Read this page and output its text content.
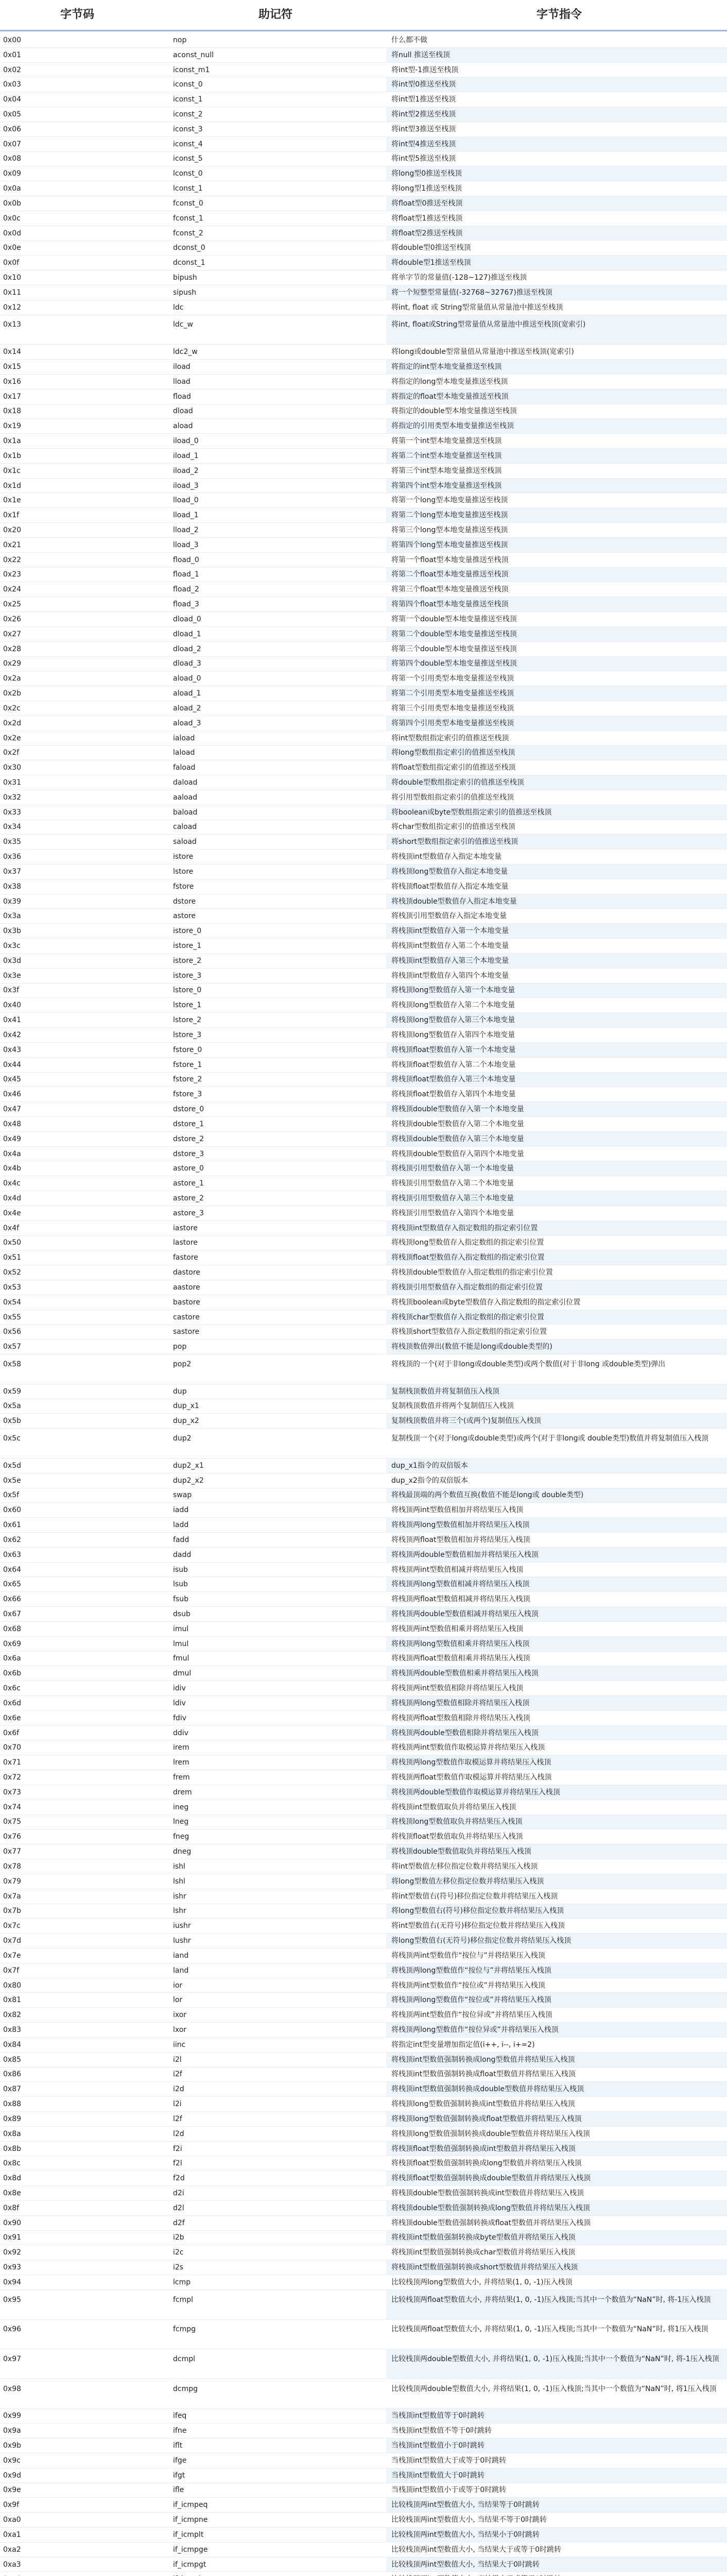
字节码	助记符	字节指令
0x00	nop	什么都不做
0x01	aconst_null	将null 推送至栈顶
0x02	iconst_m1	将int型-1推送至栈顶
0x03	iconst_0	将int型0推送至栈顶
0x04	iconst_1	将int型1推送至栈顶
0x05	iconst_2	将int型2推送至栈顶
0x06	iconst_3	将int型3推送至栈顶
0x07	iconst_4	将int型4推送至栈顶
0x08	iconst_5	将int型5推送至栈顶
0x09	lconst_0	将long型0推送至栈顶
0x0a	lconst_1	将long型1推送至栈顶
0x0b	fconst_0	将float型0推送至栈顶
0x0c	fconst_1	将float型1推送至栈顶
0x0d	fconst_2	将float型2推送至栈顶
0x0e	dconst_0	将double型0推送至栈顶
0x0f	dconst_1	将double型1推送至栈顶
0x10	bipush	将单字节的常量值(-128~127)推送至栈顶
0x11	sipush	将一个短整型常量值(-32768~32767)推送至栈顶
0x12	ldc	将int, float 或 String型常量值从常量池中推送至栈顶
0x13	ldc_w	将int, float或String型常量值从常量池中推送至栈顶(宽索引)
0x14	ldc2_w	将long或double型常量值从常量池中推送至栈顶(宽索引)
0x15	iload	将指定的int型本地变量推送至栈顶
0x16	lload	将指定的long型本地变量推送至栈顶
0x17	fload	将指定的float型本地变量推送至栈顶
0x18	dload	将指定的double型本地变量推送至栈顶
0x19	aload	将指定的引用类型本地变量推送至栈顶
0x1a	iload_0	将第一个int型本地变量推送至栈顶
0x1b	iload_1	将第二个int型本地变量推送至栈顶
0x1c	iload_2	将第三个int型本地变量推送至栈顶
0x1d	iload_3	将第四个int型本地变量推送至栈顶
0x1e	lload_0	将第一个long型本地变量推送至栈顶
0x1f	lload_1	将第二个long型本地变量推送至栈顶
0x20	lload_2	将第三个long型本地变量推送至栈顶
0x21	lload_3	将第四个long型本地变量推送至栈顶
0x22	fload_0	将第一个float型本地变量推送至栈顶
0x23	fload_1	将第二个float型本地变量推送至栈顶
0x24	fload_2	将第三个float型本地变量推送至栈顶
0x25	fload_3	将第四个float型本地变量推送至栈顶
0x26	dload_0	将第一个double型本地变量推送至栈顶
0x27	dload_1	将第二个double型本地变量推送至栈顶
0x28	dload_2	将第三个double型本地变量推送至栈顶
0x29	dload_3	将第四个double型本地变量推送至栈顶
0x2a	aload_0	将第一个引用类型本地变量推送至栈顶
0x2b	aload_1	将第二个引用类型本地变量推送至栈顶
0x2c	aload_2	将第三个引用类型本地变量推送至栈顶
0x2d	aload_3	将第四个引用类型本地变量推送至栈顶
0x2e	iaload	将int型数组指定索引的值推送至栈顶
0x2f	laload	将long型数组指定索引的值推送至栈顶
0x30	faload	将float型数组指定索引的值推送至栈顶
0x31	daload	将double型数组指定索引的值推送至栈顶
0x32	aaload	将引用型数组指定索引的值推送至栈顶
0x33	baload	将boolean或byte型数组指定索引的值推送至栈顶
0x34	caload	将char型数组指定索引的值推送至栈顶
0x35	saload	将short型数组指定索引的值推送至栈顶
0x36	istore	将栈顶int型数值存入指定本地变量
0x37	lstore	将栈顶long型数值存入指定本地变量
0x38	fstore	将栈顶float型数值存入指定本地变量
0x39	dstore	将栈顶double型数值存入指定本地变量
0x3a	astore	将栈顶引用型数值存入指定本地变量
0x3b	istore_0	将栈顶int型数值存入第一个本地变量
0x3c	istore_1	将栈顶int型数值存入第二个本地变量
0x3d	istore_2	将栈顶int型数值存入第三个本地变量
0x3e	istore_3	将栈顶int型数值存入第四个本地变量
0x3f	lstore_0	将栈顶long型数值存入第一个本地变量
0x40	lstore_1	将栈顶long型数值存入第二个本地变量
0x41	lstore_2	将栈顶long型数值存入第三个本地变量
0x42	lstore_3	将栈顶long型数值存入第四个本地变量
0x43	fstore_0	将栈顶float型数值存入第一个本地变量
0x44	fstore_1	将栈顶float型数值存入第二个本地变量
0x45	fstore_2	将栈顶float型数值存入第三个本地变量
0x46	fstore_3	将栈顶float型数值存入第四个本地变量
0x47	dstore_0	将栈顶double型数值存入第一个本地变量
0x48	dstore_1	将栈顶double型数值存入第二个本地变量
0x49	dstore_2	将栈顶double型数值存入第三个本地变量
0x4a	dstore_3	将栈顶double型数值存入第四个本地变量
0x4b	astore_0	将栈顶引用型数值存入第一个本地变量
0x4c	astore_1	将栈顶引用型数值存入第二个本地变量
0x4d	astore_2	将栈顶引用型数值存入第三个本地变量
0x4e	astore_3	将栈顶引用型数值存入第四个本地变量
0x4f	iastore	将栈顶int型数值存入指定数组的指定索引位置
0x50	lastore	将栈顶long型数值存入指定数组的指定索引位置
0x51	fastore	将栈顶float型数值存入指定数组的指定索引位置
0x52	dastore	将栈顶double型数值存入指定数组的指定索引位置
0x53	aastore	将栈顶引用型数值存入指定数组的指定索引位置
0x54	bastore	将栈顶boolean或byte型数值存入指定数组的指定索引位置
0x55	castore	将栈顶char型数值存入指定数组的指定索引位置
0x56	sastore	将栈顶short型数值存入指定数组的指定索引位置
0x57	pop	将栈顶数值弹出(数值不能是long或double类型的)
0x58	pop2	将栈顶的一个(对于非long或double类型)或两个数值(对于非long 或double类型)弹出
0x59	dup	复制栈顶数值并将复制值压入栈顶
0x5a	dup_x1	复制栈顶数值并将两个复制值压入栈顶
0x5b	dup_x2	复制栈顶数值并将三个(或两个)复制值压入栈顶
0x5c	dup2	复制栈顶一个(对于long或double类型)或两个(对于非long或 double类型)数值并将复制值压入栈顶
0x5d	dup2_x1	dup_x1指令的双倍版本
0x5e	dup2_x2	dup_x2指令的双倍版本
0x5f	swap	将栈最顶端的两个数值互换(数值不能是long或 double类型)
0x60	iadd	将栈顶两int型数值相加并将结果压入栈顶
0x61	ladd	将栈顶两long型数值相加并将结果压入栈顶
0x62	fadd	将栈顶两float型数值相加并将结果压入栈顶
0x63	dadd	将栈顶两double型数值相加并将结果压入栈顶
0x64	isub	将栈顶两int型数值相减并将结果压入栈顶
0x65	lsub	将栈顶两long型数值相减并将结果压入栈顶
0x66	fsub	将栈顶两float型数值相减并将结果压入栈顶
0x67	dsub	将栈顶两double型数值相减并将结果压入栈顶
0x68	imul	将栈顶两int型数值相乘并将结果压入栈顶
0x69	lmul	将栈顶两long型数值相乘并将结果压入栈顶
0x6a	fmul	将栈顶两float型数值相乘并将结果压入栈顶
0x6b	dmul	将栈顶两double型数值相乘并将结果压入栈顶
0x6c	idiv	将栈顶两int型数值相除并将结果压入栈顶
0x6d	ldiv	将栈顶两long型数值相除并将结果压入栈顶
0x6e	fdiv	将栈顶两float型数值相除并将结果压入栈顶
0x6f	ddiv	将栈顶两double型数值相除并将结果压入栈顶
0x70	irem	将栈顶两int型数值作取模运算并将结果压入栈顶
0x71	lrem	将栈顶两long型数值作取模运算并将结果压入栈顶
0x72	frem	将栈顶两float型数值作取模运算并将结果压入栈顶
0x73	drem	将栈顶两double型数值作取模运算并将结果压入栈顶
0x74	ineg	将栈顶int型数值取负并将结果压入栈顶
0x75	lneg	将栈顶long型数值取负并将结果压入栈顶
0x76	fneg	将栈顶float型数值取负并将结果压入栈顶
0x77	dneg	将栈顶double型数值取负并将结果压入栈顶
0x78	ishl	将int型数值左移位指定位数并将结果压入栈顶
0x79	lshl	将long型数值左移位指定位数并将结果压入栈顶
0x7a	ishr	将int型数值右(符号)移位指定位数并将结果压入栈顶
0x7b	lshr	将long型数值右(符号)移位指定位数并将结果压入栈顶
0x7c	iushr	将int型数值右(无符号)移位指定位数并将结果压入栈顶
0x7d	lushr	将long型数值右(无符号)移位指定位数并将结果压入栈顶
0x7e	iand	将栈顶两int型数值作“按位与”并将结果压入栈顶
0x7f	land	将栈顶两long型数值作“按位与”并将结果压入栈顶
0x80	ior	将栈顶两int型数值作“按位或”并将结果压入栈顶
0x81	lor	将栈顶两long型数值作“按位或”并将结果压入栈顶
0x82	ixor	将栈顶两int型数值作“按位异或”并将结果压入栈顶
0x83	lxor	将栈顶两long型数值作“按位异或”并将结果压入栈顶
0x84	iinc	将指定int型变量增加指定值(i++, i--, i+=2)
0x85	i2l	将栈顶int型数值强制转换成long型数值并将结果压入栈顶
0x86	i2f	将栈顶int型数值强制转换成float型数值并将结果压入栈顶
0x87	i2d	将栈顶int型数值强制转换成double型数值并将结果压入栈顶
0x88	l2i	将栈顶long型数值强制转换成int型数值并将结果压入栈顶
0x89	l2f	将栈顶long型数值强制转换成float型数值并将结果压入栈顶
0x8a	l2d	将栈顶long型数值强制转换成double型数值并将结果压入栈顶
0x8b	f2i	将栈顶float型数值强制转换成int型数值并将结果压入栈顶
0x8c	f2l	将栈顶float型数值强制转换成long型数值并将结果压入栈顶
0x8d	f2d	将栈顶float型数值强制转换成double型数值并将结果压入栈顶
0x8e	d2i	将栈顶double型数值强制转换成int型数值并将结果压入栈顶
0x8f	d2l	将栈顶double型数值强制转换成long型数值并将结果压入栈顶
0x90	d2f	将栈顶double型数值强制转换成float型数值并将结果压入栈顶
0x91	i2b	将栈顶int型数值强制转换成byte型数值并将结果压入栈顶
0x92	i2c	将栈顶int型数值强制转换成char型数值并将结果压入栈顶
0x93	i2s	将栈顶int型数值强制转换成short型数值并将结果压入栈顶
0x94	lcmp	比较栈顶两long型数值大小, 并将结果(1, 0, -1)压入栈顶
0x95	fcmpl	比较栈顶两float型数值大小, 并将结果(1, 0, -1)压入栈顶;当其中一个数值为“NaN”时, 将-1压入栈顶
0x96	fcmpg	比较栈顶两float型数值大小, 并将结果(1, 0, -1)压入栈顶;当其中一个数值为“NaN”时, 将1压入栈顶
0x97	dcmpl	比较栈顶两double型数值大小, 并将结果(1, 0, -1)压入栈顶;当其中一个数值为“NaN”时, 将-1压入栈顶
0x98	dcmpg	比较栈顶两double型数值大小, 并将结果(1, 0, -1)压入栈顶;当其中一个数值为“NaN”时, 将1压入栈顶
0x99	ifeq	当栈顶int型数值等于0时跳转
0x9a	ifne	当栈顶int型数值不等于0时跳转
0x9b	iflt	当栈顶int型数值小于0时跳转
0x9c	ifge	当栈顶int型数值大于或等于0时跳转
0x9d	ifgt	当栈顶int型数值大于0时跳转
0x9e	ifle	当栈顶int型数值小于或等于0时跳转
0x9f	if_icmpeq	比较栈顶两int型数值大小, 当结果等于0时跳转
0xa0	if_icmpne	比较栈顶两int型数值大小, 当结果不等于0时跳转
0xa1	if_icmplt	比较栈顶两int型数值大小, 当结果小于0时跳转
0xa2	if_icmpge	比较栈顶两int型数值大小, 当结果大于或等于0时跳转
0xa3	if_icmpgt	比较栈顶两int型数值大小, 当结果大于0时跳转
